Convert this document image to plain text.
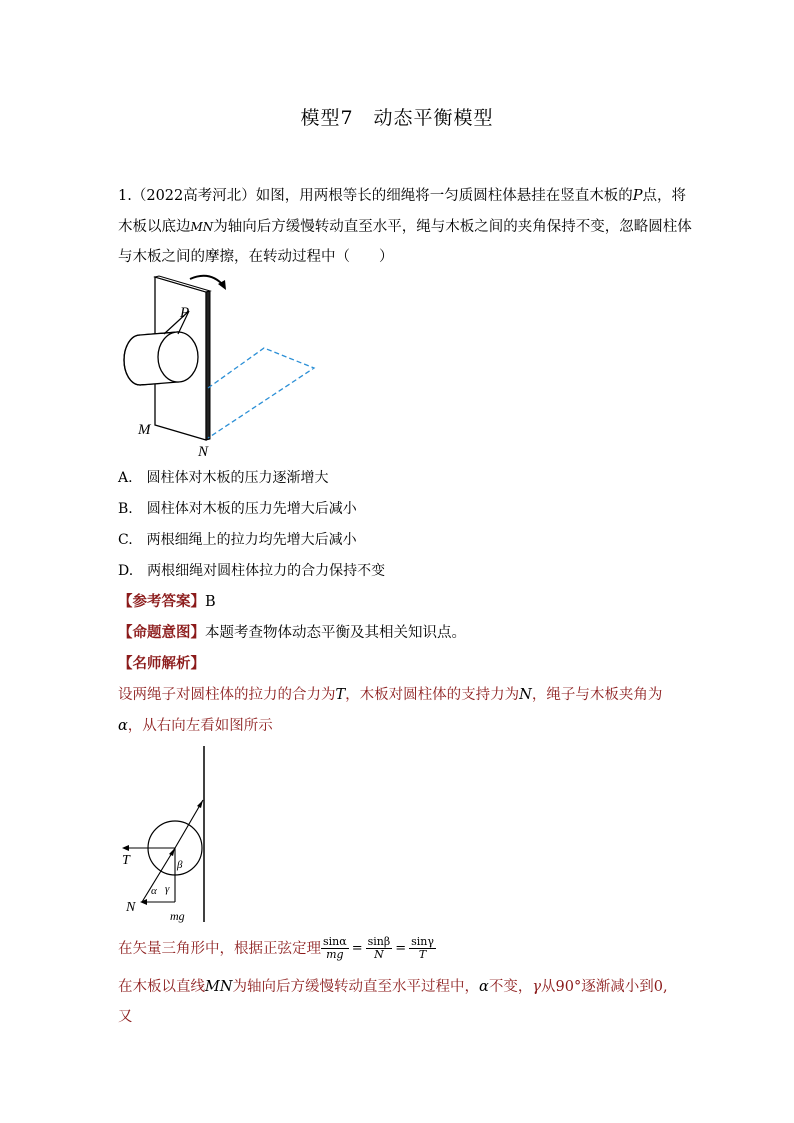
模型7　动态平衡模型
1.（2022高考河北）如图，用两根等长的细绳将一匀质圆柱体悬挂在竖直木板的P点，将
木板以底边MN为轴向后方缓慢转动直至水平，绳与木板之间的夹角保持不变，忽略圆柱体
与木板之间的摩擦，在转动过程中（　　）
P
M
N
A.　圆柱体对木板的压力逐渐增大
B.　圆柱体对木板的压力先增大后减小
C.　两根细绳上的拉力均先增大后减小
D.　两根细绳对圆柱体拉力的合力保持不变
【参考答案】B
【命题意图】本题考查物体动态平衡及其相关知识点。
【名师解析】
设两绳子对圆柱体的拉力的合力为T，木板对圆柱体的支持力为N，绳子与木板夹角为
α，从右向左看如图所示
T
N
mg
α
β
γ
在矢量三角形中，根据正弦定理 $\frac{\sin\alpha}{mg} = \frac{\sin\beta}{N} = \frac{\sin\gamma}{T}$
在木板以直线MN为轴向后方缓慢转动直至水平过程中，α不变，γ从90°逐渐减小到0,
又
